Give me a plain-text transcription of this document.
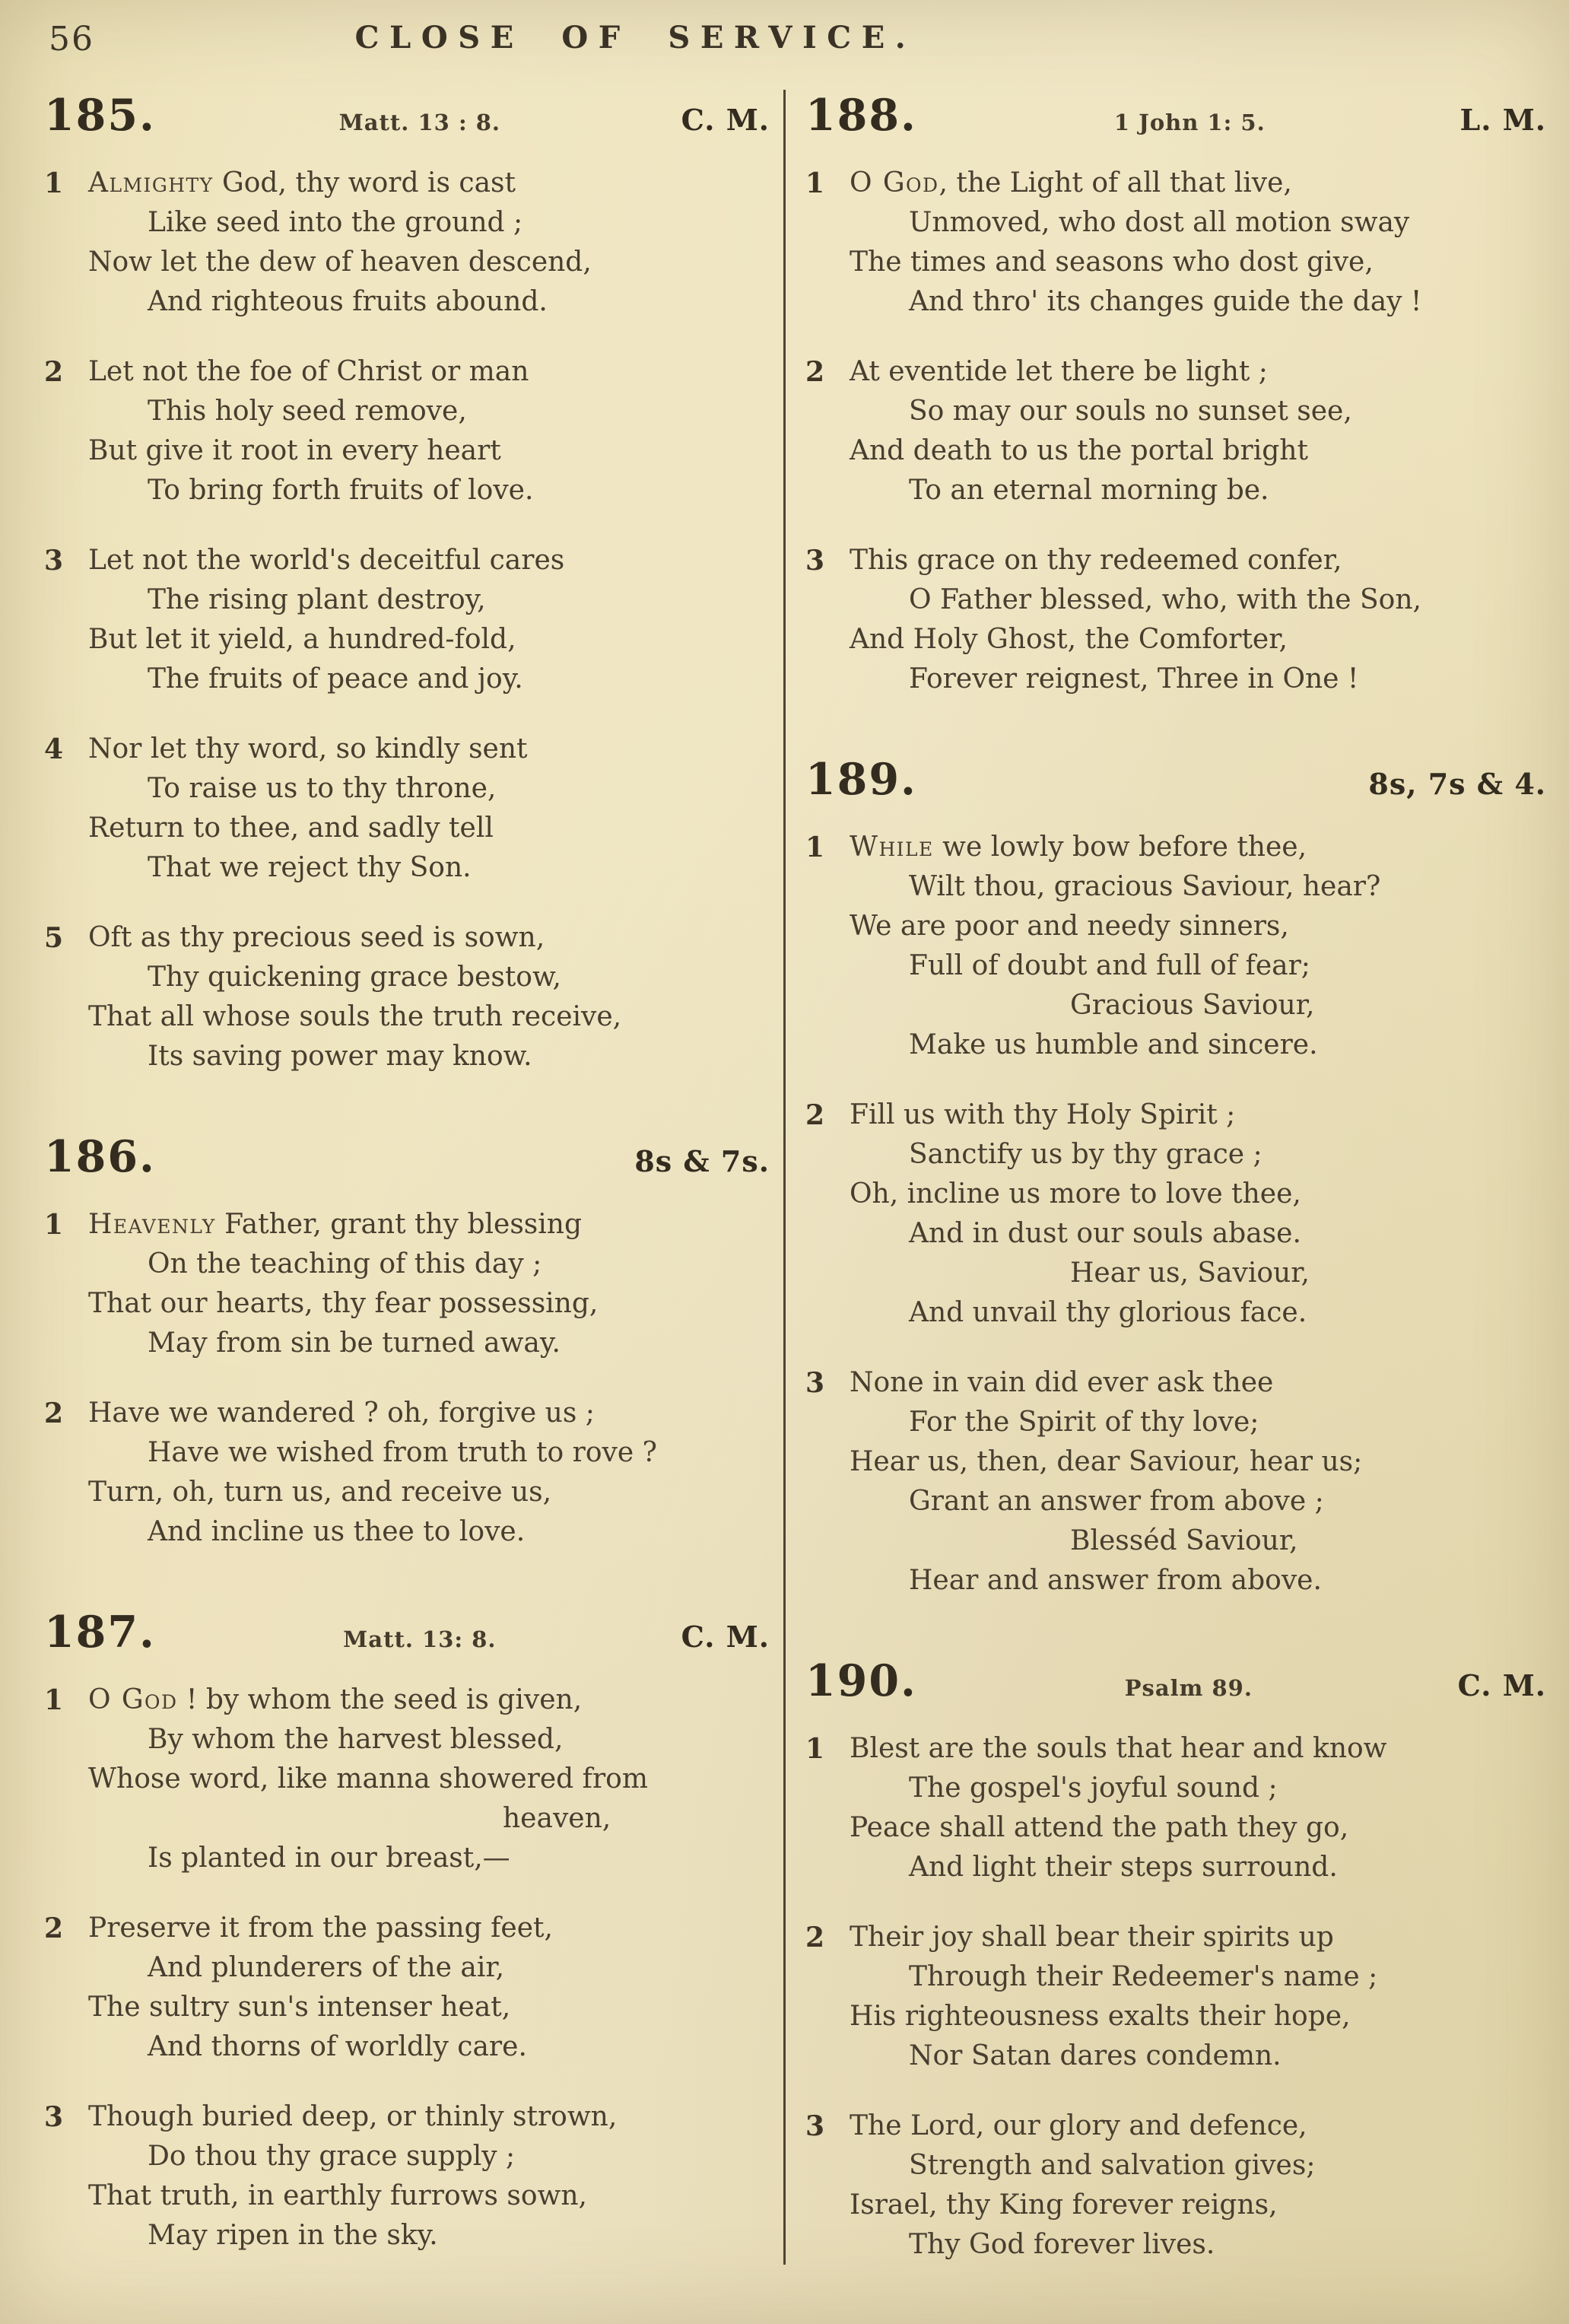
56	CLOSE OF SERVICE.
185.	Matt. 13 : 8.	C. M.
1 Almighty God, thy word is cast
Like seed into the ground ;
Now let the dew of heaven descend,
And righteous fruits abound.
2 Let not the foe of Christ or man
This holy seed remove,
But give it root in every heart
To bring forth fruits of love.
3 Let not the world's deceitful cares
The rising plant destroy,
But let it yield, a hundred-fold,
The fruits of peace and joy.
4 Nor let thy word, so kindly sent
To raise us to thy throne,
Return to thee, and sadly tell
That we reject thy Son.
5 Oft as thy precious seed is sown,
Thy quickening grace bestow,
That all whose souls the truth receive,
Its saving power may know.
186.	8s & 7s.
1 Heavenly Father, grant thy blessing
On the teaching of this day ;
That our hearts, thy fear possessing,
May from sin be turned away.
2 Have we wandered ? oh, forgive us ;
Have we wished from truth to rove ?
Turn, oh, turn us, and receive us,
And incline us thee to love.
187.	Matt. 13: 8.	C. M.
1 O God ! by whom the seed is given,
By whom the harvest blessed,
Whose word, like manna showered from
heaven,
Is planted in our breast,—
2 Preserve it from the passing feet,
And plunderers of the air,
The sultry sun's intenser heat,
And thorns of worldly care.
3 Though buried deep, or thinly strown,
Do thou thy grace supply ;
That truth, in earthly furrows sown,
May ripen in the sky.
188.	1 John 1: 5.	L. M.
1 O God, the Light of all that live,
Unmoved, who dost all motion sway
The times and seasons who dost give,
And thro' its changes guide the day !
2 At eventide let there be light ;
So may our souls no sunset see,
And death to us the portal bright
To an eternal morning be.
3 This grace on thy redeemed confer,
O Father blessed, who, with the Son,
And Holy Ghost, the Comforter,
Forever reignest, Three in One !
189.	8s, 7s & 4.
1 While we lowly bow before thee,
Wilt thou, gracious Saviour, hear?
We are poor and needy sinners,
Full of doubt and full of fear;
Gracious Saviour,
Make us humble and sincere.
2 Fill us with thy Holy Spirit ;
Sanctify us by thy grace ;
Oh, incline us more to love thee,
And in dust our souls abase.
Hear us, Saviour,
And unvail thy glorious face.
3 None in vain did ever ask thee
For the Spirit of thy love;
Hear us, then, dear Saviour, hear us;
Grant an answer from above ;
Blesséd Saviour,
Hear and answer from above.
190.	Psalm 89.	C. M.
1 Blest are the souls that hear and know
The gospel's joyful sound ;
Peace shall attend the path they go,
And light their steps surround.
2 Their joy shall bear their spirits up
Through their Redeemer's name ;
His righteousness exalts their hope,
Nor Satan dares condemn.
3 The Lord, our glory and defence,
Strength and salvation gives;
Israel, thy King forever reigns,
Thy God forever lives.
